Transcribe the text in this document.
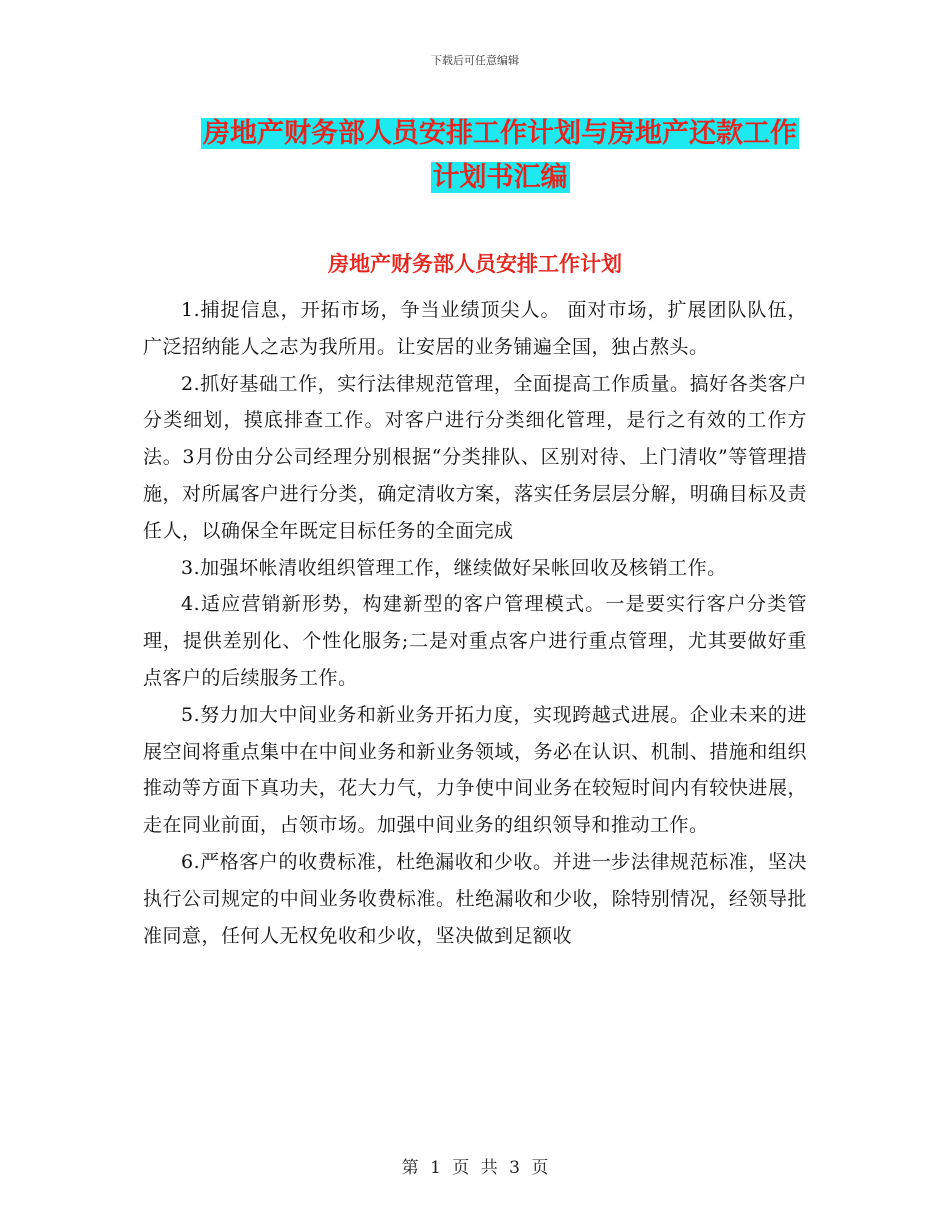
下载后可任意编辑
房地产财务部人员安排工作计划与房地产还款工作计划书汇编
房地产财务部人员安排工作计划

1.捕捉信息，开拓市场，争当业绩顶尖人。 面对市场，扩展团队队伍，广泛招纳能人之志为我所用。让安居的业务铺遍全国，独占熬头。

2.抓好基础工作，实行法律规范管理，全面提高工作质量。搞好各类客户分类细划，摸底排查工作。对客户进行分类细化管理，是行之有效的工作方法。3月份由分公司经理分别根据“分类排队、区别对待、上门清收”等管理措施，对所属客户进行分类，确定清收方案，落实任务层层分解，明确目标及责任人，以确保全年既定目标任务的全面完成

3.加强坏帐清收组织管理工作，继续做好呆帐回收及核销工作。

4.适应营销新形势，构建新型的客户管理模式。一是要实行客户分类管理，提供差别化、个性化服务;二是对重点客户进行重点管理，尤其要做好重点客户的后续服务工作。

5.努力加大中间业务和新业务开拓力度，实现跨越式进展。企业未来的进展空间将重点集中在中间业务和新业务领域，务必在认识、机制、措施和组织推动等方面下真功夫，花大力气，力争使中间业务在较短时间内有较快进展，走在同业前面，占领市场。加强中间业务的组织领导和推动工作。

6.严格客户的收费标准，杜绝漏收和少收。并进一步法律规范标准，坚决执行公司规定的中间业务收费标准。杜绝漏收和少收，除特别情况，经领导批准同意，任何人无权免收和少收，坚决做到足额收

第 1 页 共 3 页
